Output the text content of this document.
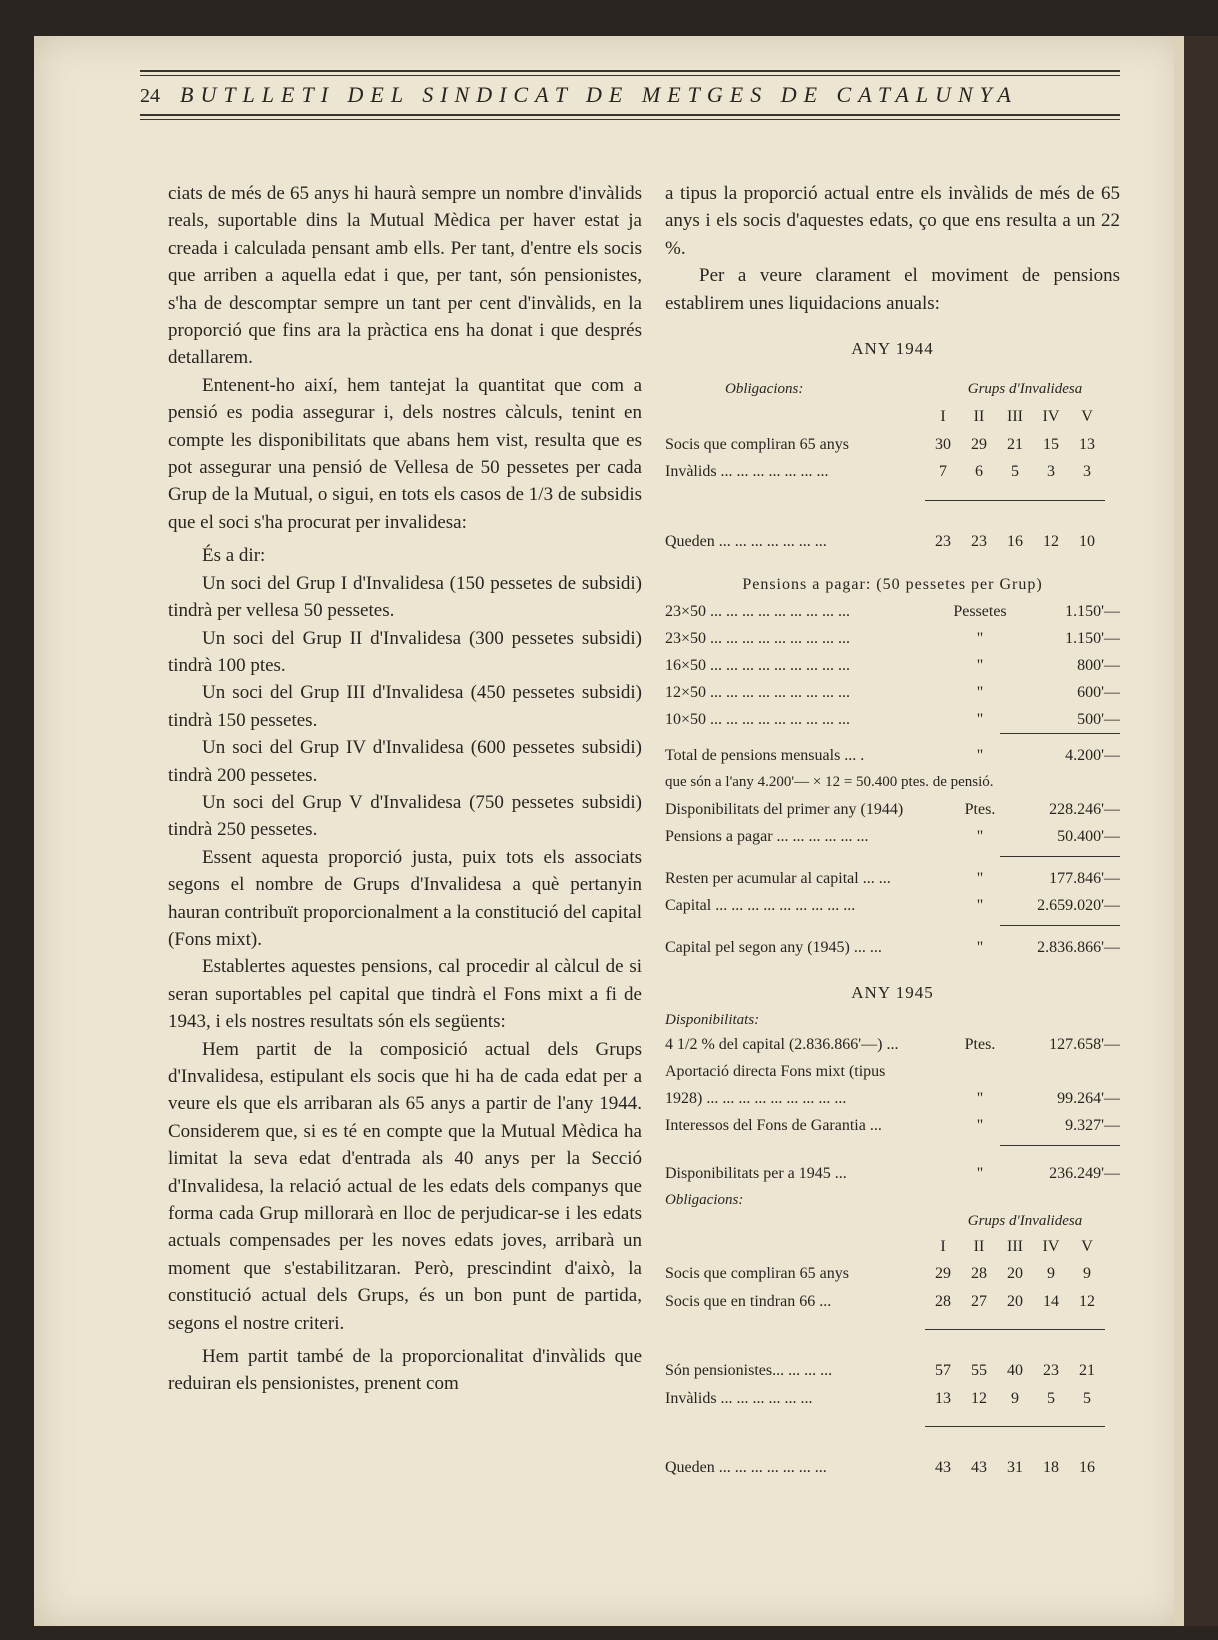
24 BUTLLETI DEL SINDICAT DE METGES DE CATALUNYA

ciats de més de 65 anys hi haurà sempre un nombre d'invàlids reals, suportable dins la Mutual Mèdica per haver estat ja creada i calculada pensant amb ells. Per tant, d'entre els socis que arriben a aquella edat i que, per tant, són pensionistes, s'ha de descomptar sempre un tant per cent d'invàlids, en la proporció que fins ara la pràctica ens ha donat i que després detallarem.

Entenent-ho així, hem tantejat la quantitat que com a pensió es podia assegurar i, dels nostres càlculs, tenint en compte les disponibilitats que abans hem vist, resulta que es pot assegurar una pensió de Vellesa de 50 pessetes per cada Grup de la Mutual, o sigui, en tots els casos de 1/3 de subsidis que el soci s'ha procurat per invalidesa:

És a dir:

Un soci del Grup I d'Invalidesa (150 pessetes de subsidi) tindrà per vellesa 50 pessetes.

Un soci del Grup II d'Invalidesa (300 pessetes subsidi) tindrà 100 ptes.

Un soci del Grup III d'Invalidesa (450 pessetes subsidi) tindrà 150 pessetes.

Un soci del Grup IV d'Invalidesa (600 pessetes subsidi) tindrà 200 pessetes.

Un soci del Grup V d'Invalidesa (750 pessetes subsidi) tindrà 250 pessetes.

Essent aquesta proporció justa, puix tots els associats segons el nombre de Grups d'Invalidesa a què pertanyin hauran contribuït proporcionalment a la constitució del capital (Fons mixt).

Establertes aquestes pensions, cal procedir al càlcul de si seran suportables pel capital que tindrà el Fons mixt a fi de 1943, i els nostres resultats són els següents:

Hem partit de la composició actual dels Grups d'Invalidesa, estipulant els socis que hi ha de cada edat per a veure els que els arribaran als 65 anys a partir de l'any 1944. Considerem que, si es té en compte que la Mutual Mèdica ha limitat la seva edat d'entrada als 40 anys per la Secció d'Invalidesa, la relació actual de les edats dels companys que forma cada Grup millorarà en lloc de perjudicar-se i les edats actuals compensades per les noves edats joves, arribarà un moment que s'estabilitzaran. Però, prescindint d'això, la constitució actual dels Grups, és un bon punt de partida, segons el nostre criteri.

Hem partit també de la proporcionalitat d'invàlids que reduiran els pensionistes, prenent com

a tipus la proporció actual entre els invàlids de més de 65 anys i els socis d'aquestes edats, ço que ens resulta a un 22 %.

Per a veure clarament el moviment de pensions establirem unes liquidacions anuals:

ANY 1944
Obligacions:	Grups d'Invalidesa
	I	II	III	IV	V
Socis que compliran 65 anys	30	29	21	15	13
Invàlids ... ... ... ... ... ... ...	7	6	5	3	3

Queden ... ... ... ... ... ... ...	23	23	16	12	10
Pensions a pagar: (50 pessetes per Grup)
23×50 ... ... ... ... ... ... ... ... ...	Pessetes	1.150'—
23×50 ... ... ... ... ... ... ... ... ...	"	1.150'—
16×50 ... ... ... ... ... ... ... ... ...	"	800'—
12×50 ... ... ... ... ... ... ... ... ...	"	600'—
10×50 ... ... ... ... ... ... ... ... ...	"	500'—
Total de pensions mensuals ... .	"	4.200'—
que són a l'any 4.200'— × 12 = 50.400 ptes. de pensió.
Disponibilitats del primer any (1944)	Ptes.	228.246'—
Pensions a pagar ... ... ... ... ... ...	"	50.400'—
Resten per acumular al capital ... ...	"	177.846'—
Capital ... ... ... ... ... ... ... ... ...	"	2.659.020'—
Capital pel segon any (1945) ... ...	"	2.836.866'—
ANY 1945
Disponibilitats:
4 1/2 % del capital (2.836.866'—) ...	Ptes.	127.658'—
Aportació directa Fons mixt (tipus
1928) ... ... ... ... ... ... ... ... ...	"	99.264'—
Interessos del Fons de Garantia ...	"	9.327'—
Disponibilitats per a 1945 ...	"	236.249'—
Obligacions:
Grups d'Invalidesa
	I	II	III	IV	V
Socis que compliran 65 anys	29	28	20	9	9
Socis que en tindran 66 ...	28	27	20	14	12

Són pensionistes... ... ... ...	57	55	40	23	21
Invàlids ... ... ... ... ... ...	13	12	9	5	5

Queden ... ... ... ... ... ... ...	43	43	31	18	16
